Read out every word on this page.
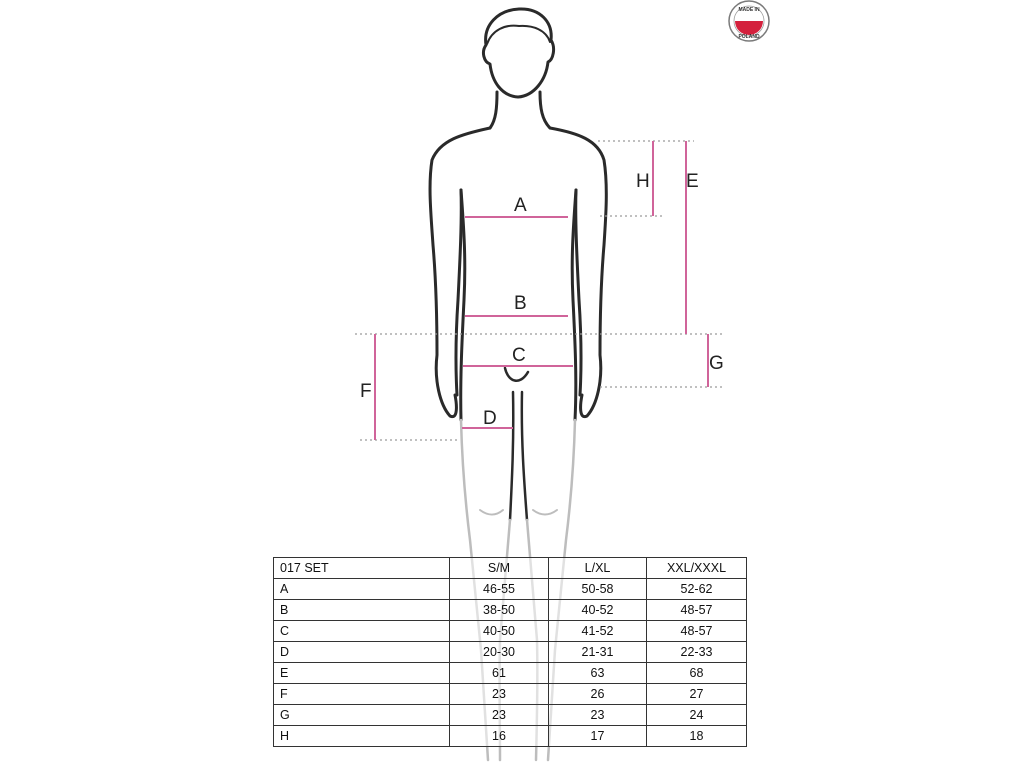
A
B
C
D
H E
G
F
MADE IN
POLAND
017 SET	S/M	L/XL	XXL/XXXL
A	46-55	50-58	52-62
B	38-50	40-52	48-57
C	40-50	41-52	48-57
D	20-30	21-31	22-33
E	61	63	68
F	23	26	27
G	23	23	24
H	16	17	18
